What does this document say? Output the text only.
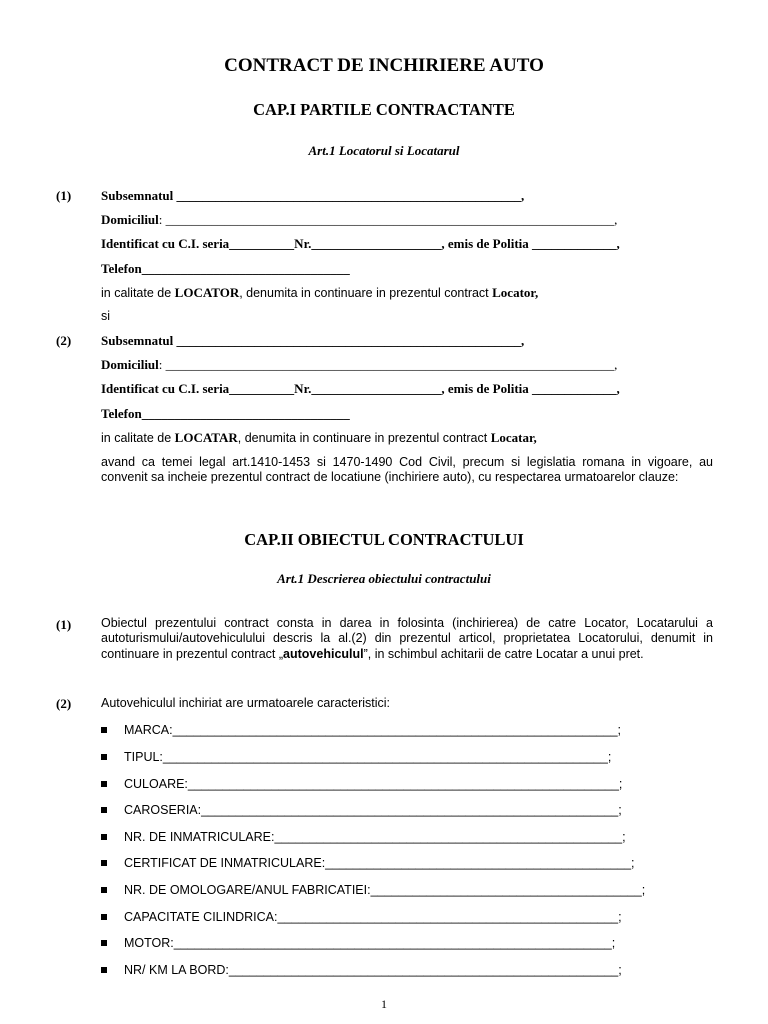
CONTRACT DE INCHIRIERE AUTO
CAP.I PARTILE CONTRACTANTE
Art.1 Locatorul si Locatarul
(1) Subsemnatul _____________________________________________________,
Domiciliul: _____________________________________________________________________,
Identificat cu C.I. seria__________Nr.____________________, emis de Politia _____________,
Telefon________________________________
in calitate de LOCATOR, denumita in continuare in prezentul contract Locator,
si
(2) Subsemnatul _____________________________________________________,
Domiciliul: _____________________________________________________________________,
Identificat cu C.I. seria__________Nr.____________________, emis de Politia _____________,
Telefon________________________________
in calitate de LOCATAR, denumita in continuare in prezentul contract Locatar,
avand ca temei legal art.1410-1453 si 1470-1490 Cod Civil, precum si legislatia romana in vigoare, au convenit sa incheie prezentul contract de locatiune (inchiriere auto), cu respectarea urmatoarelor clauze:
CAP.II OBIECTUL CONTRACTULUI
Art.1 Descrierea obiectului contractului
(1) Obiectul prezentului contract consta in darea in folosinta (inchirierea) de catre Locator, Locatarului a autoturismului/autovehiculului descris la al.(2) din prezentul articol, proprietatea Locatorului, denumit in continuare in prezentul contract „autovehiculul”, in schimbul achitarii de catre Locatar a unui pret.
(2) Autovehiculul inchiriat are urmatoarele caracteristici:
MARCA:________________________________________________________________;
TIPUL:________________________________________________________________;
CULOARE:______________________________________________________________;
CAROSERIA:____________________________________________________________;
NR. DE INMATRICULARE:__________________________________________________;
CERTIFICAT DE INMATRICULARE:____________________________________________;
NR. DE OMOLOGARE/ANUL FABRICATIEI:_______________________________________;
CAPACITATE CILINDRICA:_________________________________________________;
MOTOR:_______________________________________________________________;
NR/ KM LA BORD:________________________________________________________;
1
